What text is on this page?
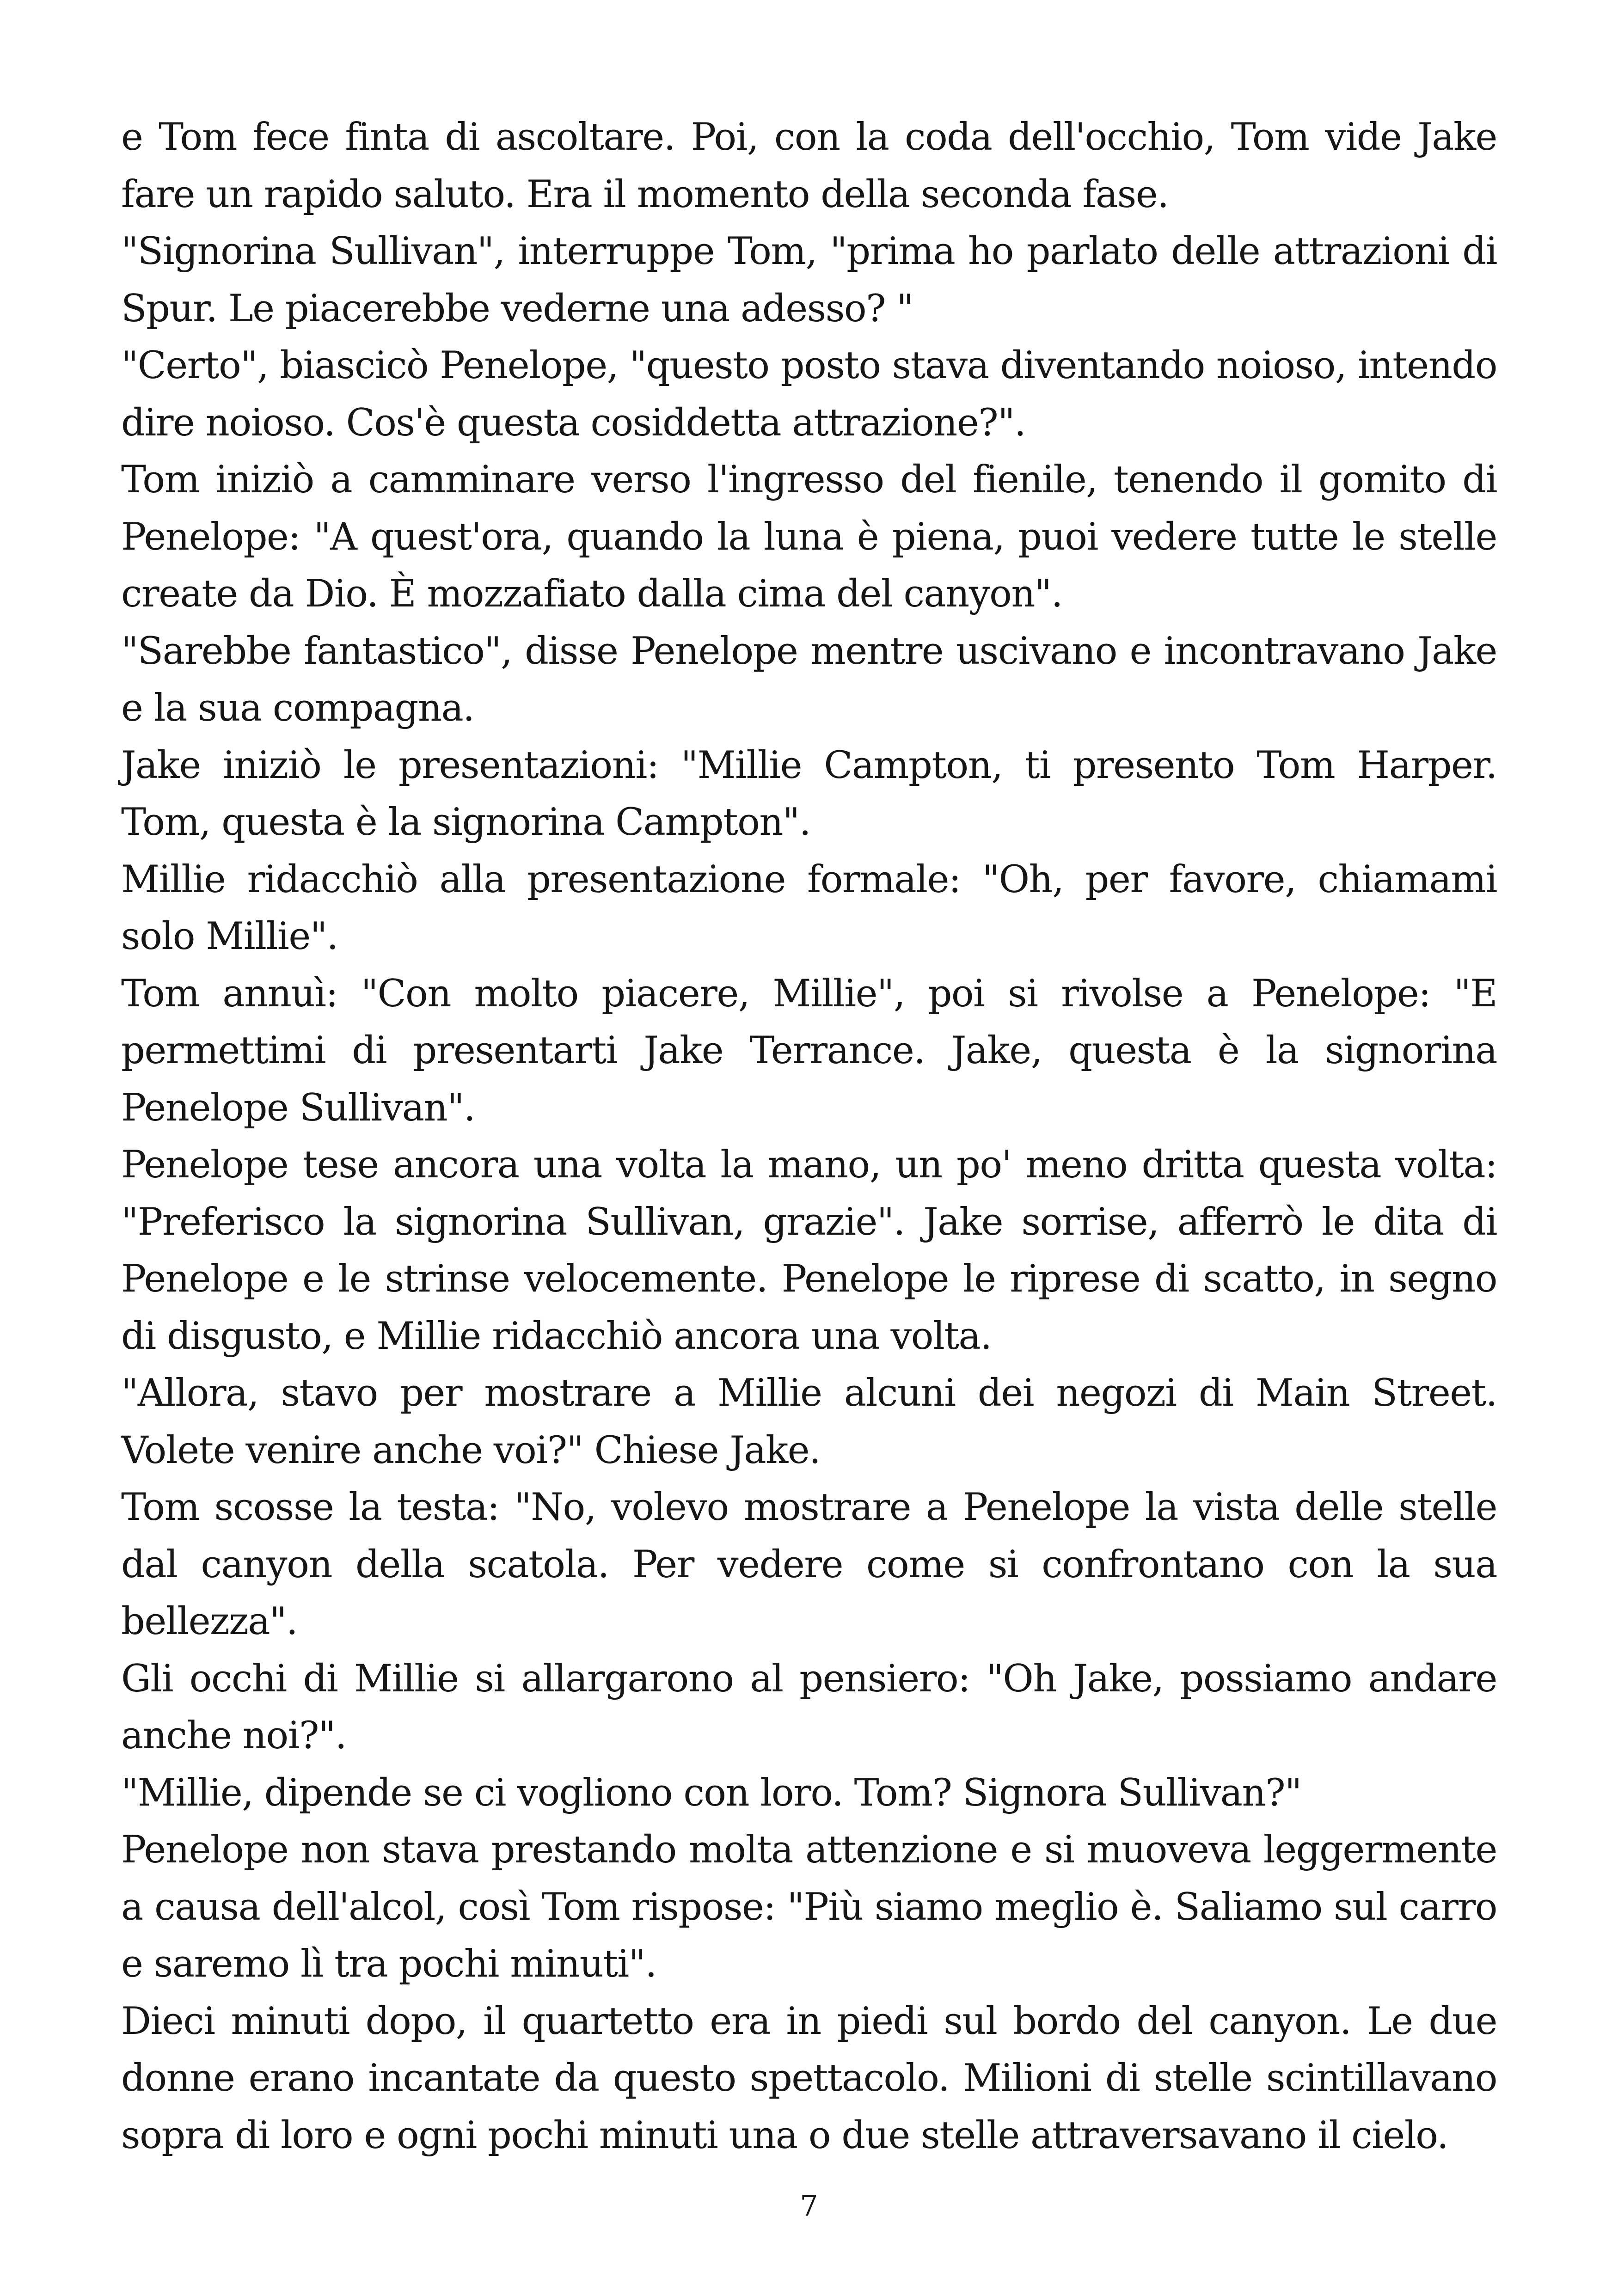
e Tom fece finta di ascoltare. Poi, con la coda dell'occhio, Tom vide Jake fare un rapido saluto. Era il momento della seconda fase.

"Signorina Sullivan", interruppe Tom, "prima ho parlato delle attrazioni di Spur. Le piacerebbe vederne una adesso? "

"Certo", biascicò Penelope, "questo posto stava diventando noioso, intendo dire noioso. Cos'è questa cosiddetta attrazione?".

Tom iniziò a camminare verso l'ingresso del fienile, tenendo il gomito di Penelope: "A quest'ora, quando la luna è piena, puoi vedere tutte le stelle create da Dio. È mozzafiato dalla cima del canyon".

"Sarebbe fantastico", disse Penelope mentre uscivano e incontravano Jake e la sua compagna.

Jake iniziò le presentazioni: "Millie Campton, ti presento Tom Harper. Tom, questa è la signorina Campton".

Millie ridacchiò alla presentazione formale: "Oh, per favore, chiamami solo Millie".

Tom annuì: "Con molto piacere, Millie", poi si rivolse a Penelope: "E permettimi di presentarti Jake Terrance. Jake, questa è la signorina Penelope Sullivan".

Penelope tese ancora una volta la mano, un po' meno dritta questa volta: "Preferisco la signorina Sullivan, grazie". Jake sorrise, afferrò le dita di Penelope e le strinse velocemente. Penelope le riprese di scatto, in segno di disgusto, e Millie ridacchiò ancora una volta.

"Allora, stavo per mostrare a Millie alcuni dei negozi di Main Street. Volete venire anche voi?" Chiese Jake.

Tom scosse la testa: "No, volevo mostrare a Penelope la vista delle stelle dal canyon della scatola. Per vedere come si confrontano con la sua bellezza".

Gli occhi di Millie si allargarono al pensiero: "Oh Jake, possiamo andare anche noi?".

"Millie, dipende se ci vogliono con loro. Tom? Signora Sullivan?"

Penelope non stava prestando molta attenzione e si muoveva leggermente a causa dell'alcol, così Tom rispose: "Più siamo meglio è. Saliamo sul carro e saremo lì tra pochi minuti".

Dieci minuti dopo, il quartetto era in piedi sul bordo del canyon. Le due donne erano incantate da questo spettacolo. Milioni di stelle scintillavano sopra di loro e ogni pochi minuti una o due stelle attraversavano il cielo.

7
